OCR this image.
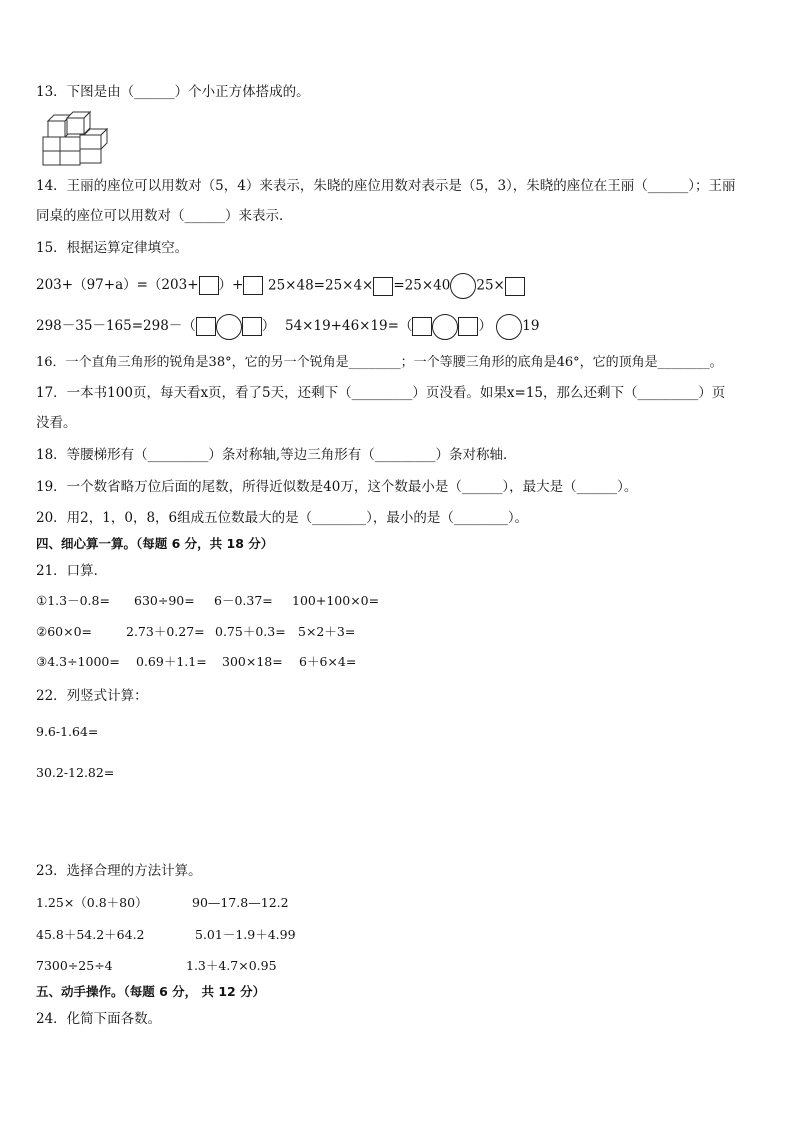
13．下图是由（______）个小正方体搭成的。
14．王丽的座位可以用数对（5，4）来表示，朱晓的座位用数对表示是（5，3），朱晓的座位在王丽（______）；王丽
同桌的座位可以用数对（______）来表示．
15．根据运算定律填空。
203+（97+a）=（203+ ）+	25×48=25×4× =25×40 25×
298－35－165=298－（	） 54×19+46×19=（	） 19
16．一个直角三角形的锐角是38°，它的另一个锐角是________；一个等腰三角形的底角是46°，它的顶角是________。
17．一本书100页，每天看x页，看了5天，还剩下（_________）页没看。如果x=15，那么还剩下（_________）页
没看。
18．等腰梯形有（_________）条对称轴,等边三角形有（_________）条对称轴．
19．一个数省略万位后面的尾数，所得近似数是40万，这个数最小是（______），最大是（______）。
20．用2，1，0，8，6组成五位数最大的是（________），最小的是（________）。
四、细心算一算。（每题 6 分，共 18 分）
21．口算．
①1.3－0.8= 630÷90= 6－0.37= 100+100×0=
②60×0=	2.73＋0.27= 0.75＋0.3= 5×2＋3=
③4.3÷1000= 0.69＋1.1= 300×18= 6＋6×4=
22．列竖式计算：
9.6-1.64=
30.2-12.82=
23．选择合理的方法计算。
1.25×（0.8＋80）	90—17.8—12.2
45.8＋54.2＋64.2	5.01－1.9＋4.99
7300÷25÷4	1.3＋4.7×0.95
五、动手操作。（每题 6 分， 共 12 分）
24．化简下面各数。
